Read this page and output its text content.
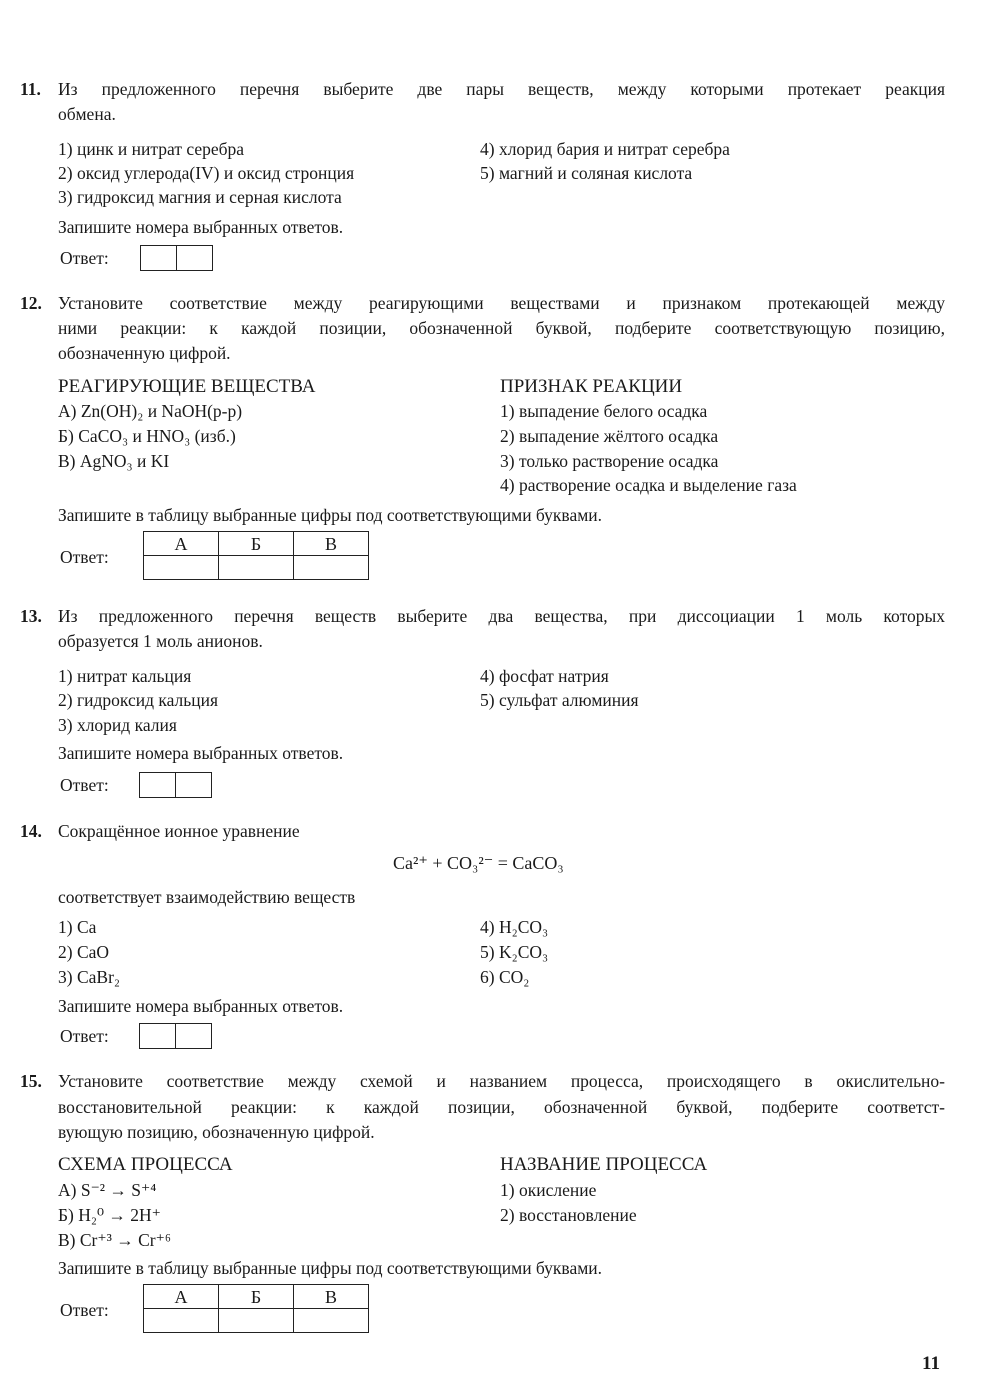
11. Из предложенного перечня выберите две пары веществ, между которыми протекает реакция
обмена.
1) цинк и нитрат серебра
2) оксид углерода(IV) и оксид стронция
3) гидроксид магния и серная кислота
4) хлорид бария и нитрат серебра
5) магний и соляная кислота
Запишите номера выбранных ответов.
Ответ:
12. Установите соответствие между реагирующими веществами и признаком протекающей между
ними реакции: к каждой позиции, обозначенной буквой, подберите соответствующую позицию,
обозначенную цифрой.
РЕАГИРУЮЩИЕ ВЕЩЕСТВА
А) Zn(OH)₂ и NaOH(р-р)
Б) CaCO₃ и HNO₃ (изб.)
В) AgNO₃ и KI
ПРИЗНАК РЕАКЦИИ
1) выпадение белого осадка
2) выпадение жёлтого осадка
3) только растворение осадка
4) растворение осадка и выделение газа
Запишите в таблицу выбранные цифры под соответствующими буквами.
Ответ:
А	Б	В

13. Из предложенного перечня веществ выберите два вещества, при диссоциации 1 моль которых
образуется 1 моль анионов.
1) нитрат кальция
2) гидроксид кальция
3) хлорид калия
4) фосфат натрия
5) сульфат алюминия
Запишите номера выбранных ответов.
Ответ:
14. Сокращённое ионное уравнение
Ca²⁺ + CO₃²⁻ = CaCO₃
соответствует взаимодействию веществ
1) Ca
2) CaO
3) CaBr₂
4) H₂CO₃
5) K₂CO₃
6) CO₂
Запишите номера выбранных ответов.
Ответ:
15. Установите соответствие между схемой и названием процесса, происходящего в окислительно-
восстановительной реакции: к каждой позиции, обозначенной буквой, подберите соответст-
вующую позицию, обозначенную цифрой.
СХЕМА ПРОЦЕССА
А) S⁻² → S⁺⁴
Б) H₂⁰ → 2H⁺
В) Cr⁺³ → Cr⁺⁶
НАЗВАНИЕ ПРОЦЕССА
1) окисление
2) восстановление
Запишите в таблицу выбранные цифры под соответствующими буквами.
Ответ:
А	Б	В

11
